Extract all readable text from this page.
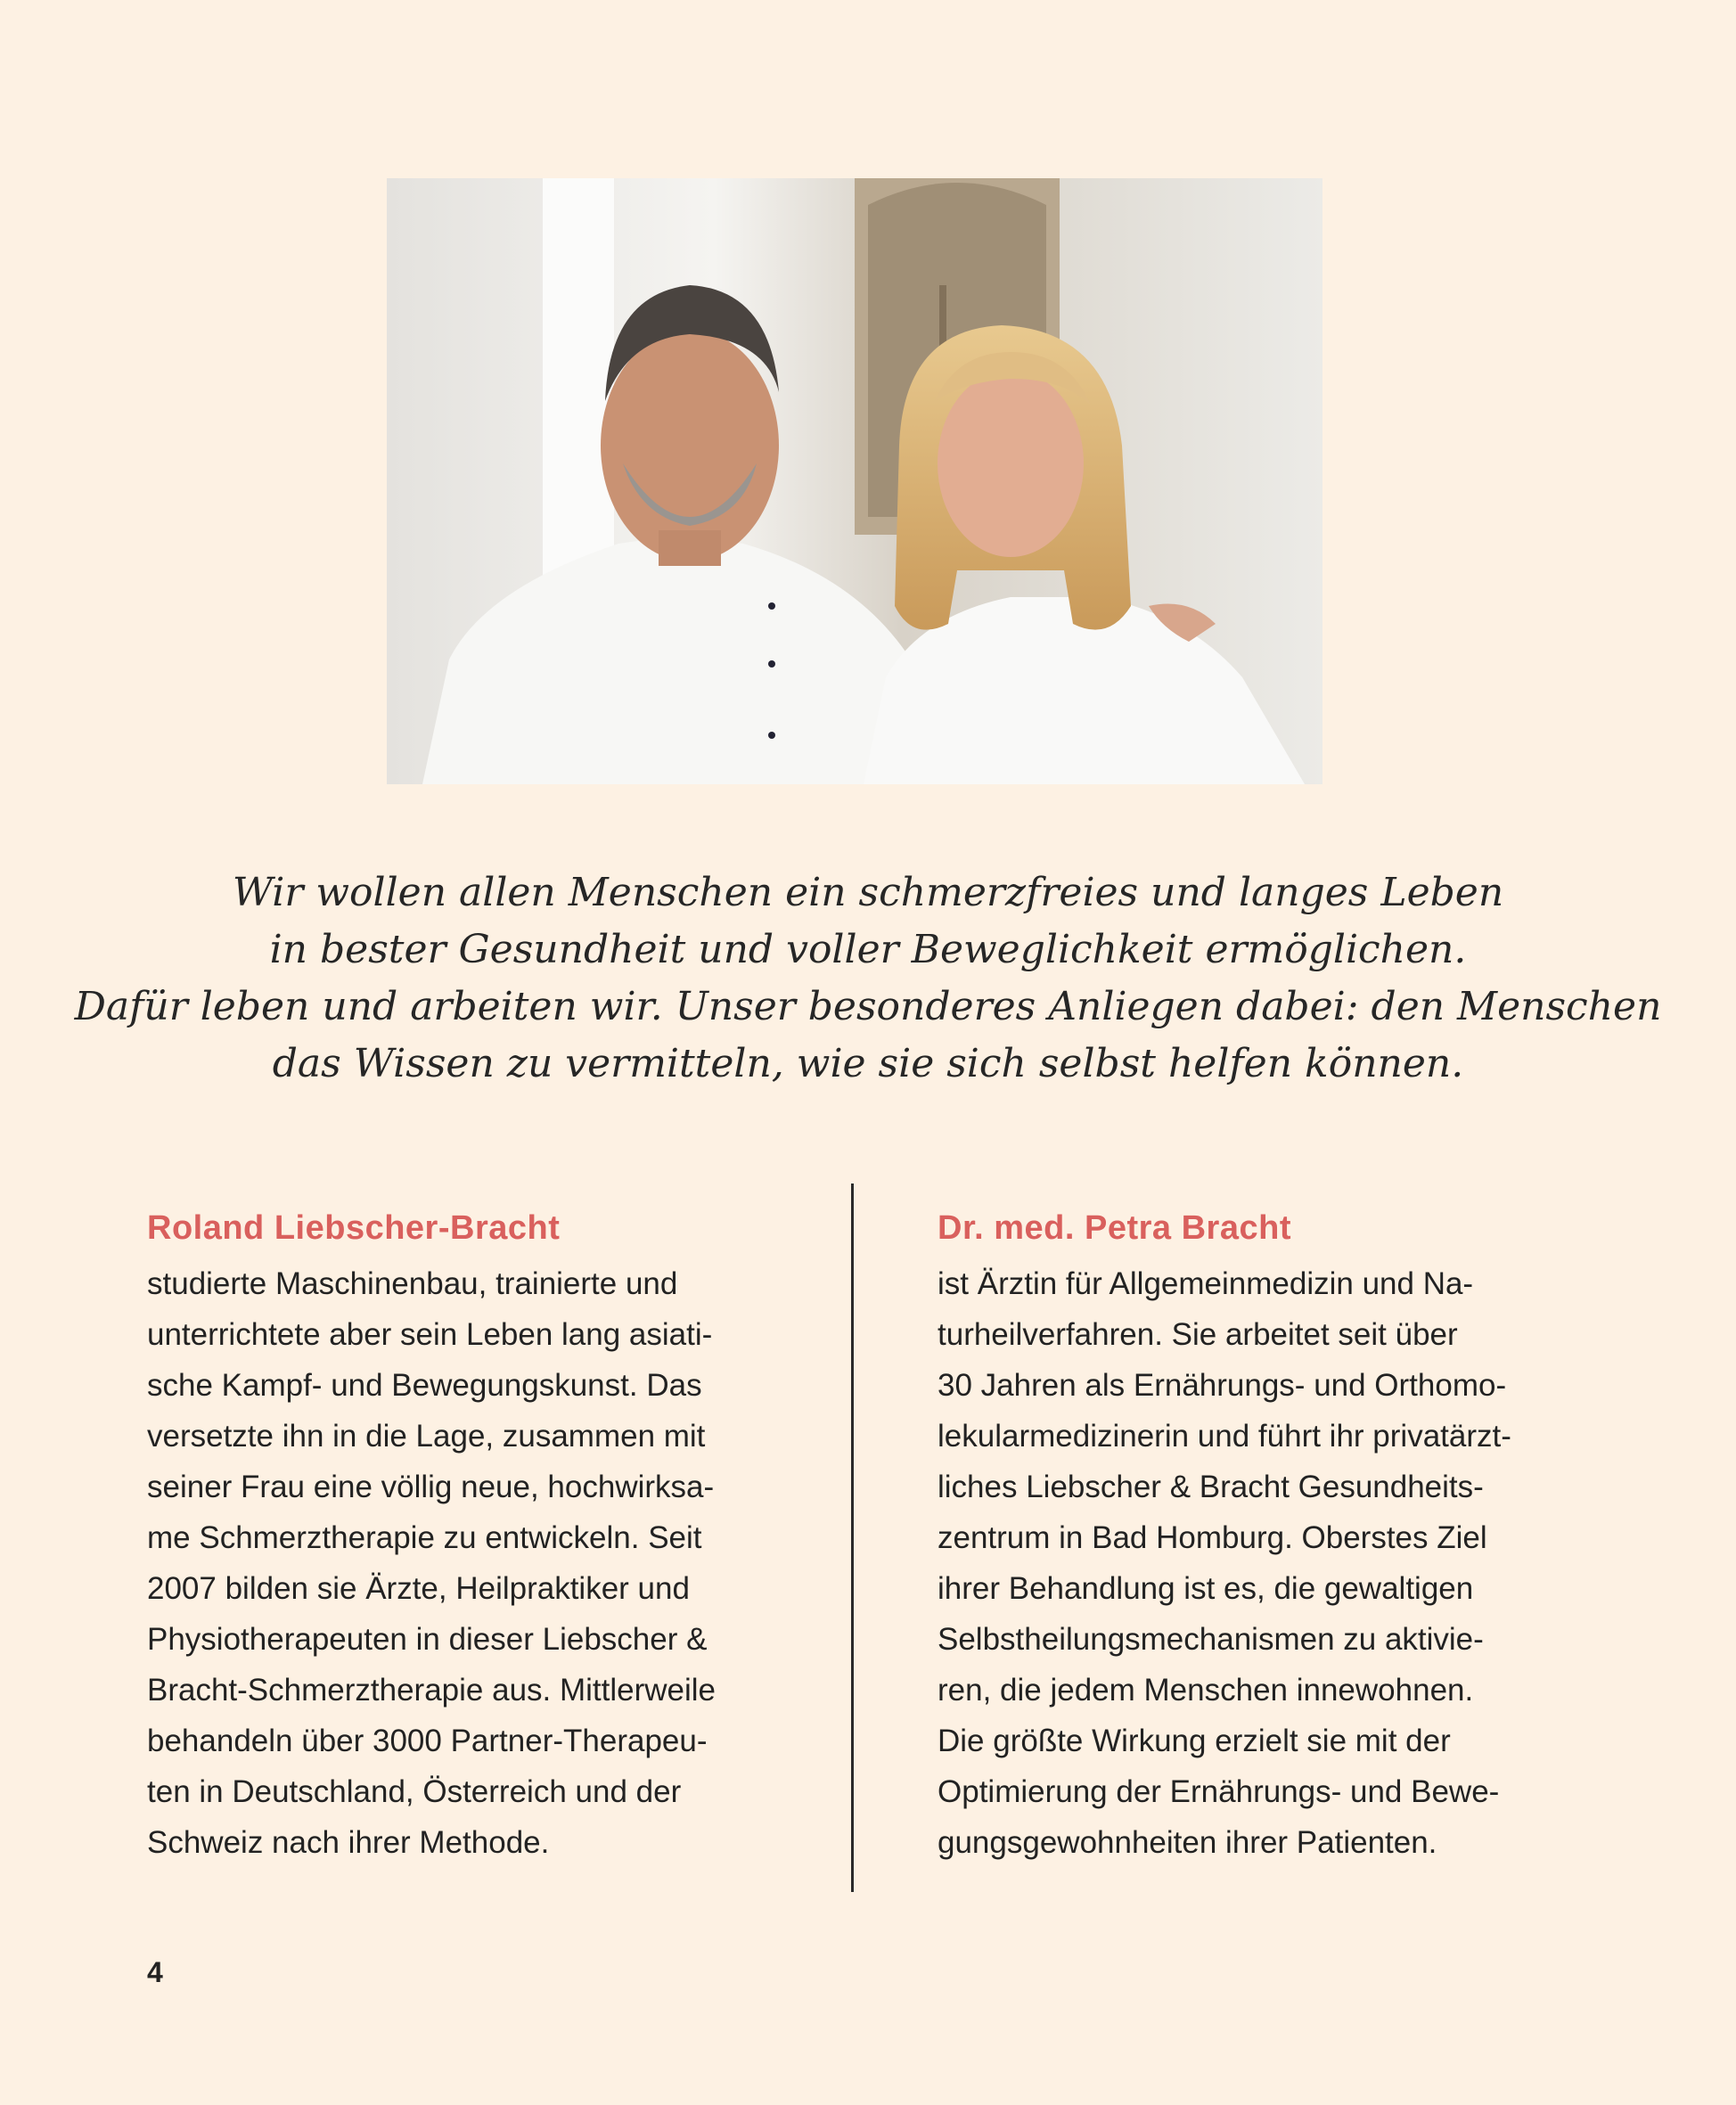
Wir wollen allen Menschen ein schmerzfreies und langes Leben

in bester Gesundheit und voller Beweglichkeit ermöglichen.

Dafür leben und arbeiten wir. Unser besonderes Anliegen dabei: den Menschen

das Wissen zu vermitteln, wie sie sich selbst helfen können.

Roland Liebscher-Bracht
studierte Maschinenbau, trainierte und
unterrichtete aber sein Leben lang asiati-
sche Kampf- und Bewegungskunst. Das
versetzte ihn in die Lage, zusammen mit
seiner Frau eine völlig neue, hochwirksa-
me Schmerztherapie zu entwickeln. Seit
2007 bilden sie Ärzte, Heilpraktiker und
Physiotherapeuten in dieser Liebscher &
Bracht-Schmerztherapie aus. Mittlerweile
behandeln über 3000 Partner-Therapeu-
ten in Deutschland, Österreich und der
Schweiz nach ihrer Methode.
Dr. med. Petra Bracht
ist Ärztin für Allgemeinmedizin und Na-
turheilverfahren. Sie arbeitet seit über
30 Jahren als Ernährungs- und Orthomo-
lekularmedizinerin und führt ihr privatärzt-
liches Liebscher & Bracht Gesundheits-
zentrum in Bad Homburg. Oberstes Ziel
ihrer Behandlung ist es, die gewaltigen
Selbstheilungsmechanismen zu aktivie-
ren, die jedem Menschen innewohnen.
Die größte Wirkung erzielt sie mit der
Optimierung der Ernährungs- und Bewe-
gungsgewohnheiten ihrer Patienten.
4
